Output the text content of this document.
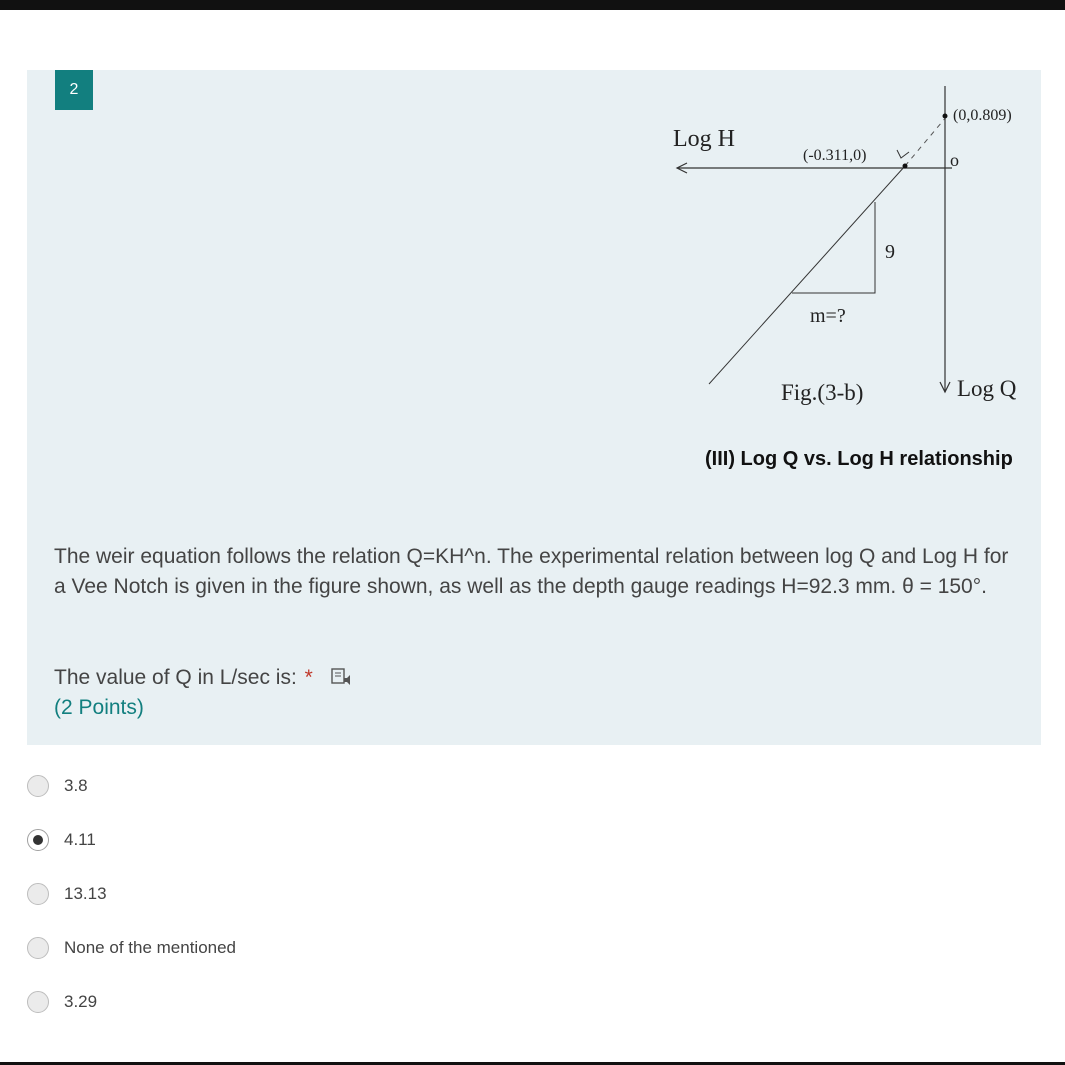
2
Log H
(-0.311,0)
(0,0.809)
o
9
m=?
Fig.(3-b)	Log Q
(III) Log Q vs. Log H relationship
The weir equation follows the relation Q=KH^n. The experimental relation between log Q and Log H for a Vee Notch is given in the figure shown, as well as the depth gauge readings H=92.3 mm. θ = 150°.
The value of Q in L/sec is: *
(2 Points)
3.8
4.11
13.13
None of the mentioned
3.29
